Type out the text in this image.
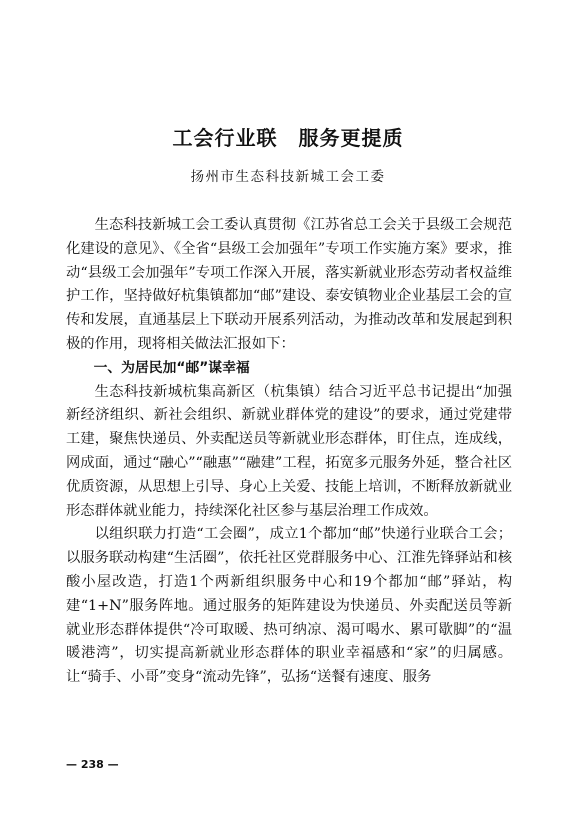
工会行业联　服务更提质
扬州市生态科技新城工会工委

生态科技新城工会工委认真贯彻《江苏省总工会关于县级工会规范化建设的意见》、《全省“县级工会加强年”专项工作实施方案》要求，推动“县级工会加强年”专项工作深入开展，落实新就业形态劳动者权益维护工作，坚持做好杭集镇都加“邮”建设、泰安镇物业企业基层工会的宣传和发展，直通基层上下联动开展系列活动，为推动改革和发展起到积极的作用，现将相关做法汇报如下：

一、为居民加“邮”谋幸福

生态科技新城杭集高新区（杭集镇）结合习近平总书记提出“加强新经济组织、新社会组织、新就业群体党的建设”的要求，通过党建带工建，聚焦快递员、外卖配送员等新就业形态群体，盯住点，连成线，网成面，通过“融心”“融惠”“融建”工程，拓宽多元服务外延，整合社区优质资源，从思想上引导、身心上关爱、技能上培训，不断释放新就业形态群体就业能力，持续深化社区参与基层治理工作成效。

以组织联力打造“工会圈”，成立1个都加“邮”快递行业联合工会；以服务联动构建“生活圈”，依托社区党群服务中心、江淮先锋驿站和核酸小屋改造，打造1个两新组织服务中心和19个都加“邮”驿站，构建“1+N”服务阵地。通过服务的矩阵建设为快递员、外卖配送员等新就业形态群体提供“冷可取暖、热可纳凉、渴可喝水、累可歇脚”的“温暖港湾”，切实提高新就业形态群体的职业幸福感和“家”的归属感。让“骑手、小哥”变身“流动先锋”，弘扬“送餐有速度、服务

— 238 —
